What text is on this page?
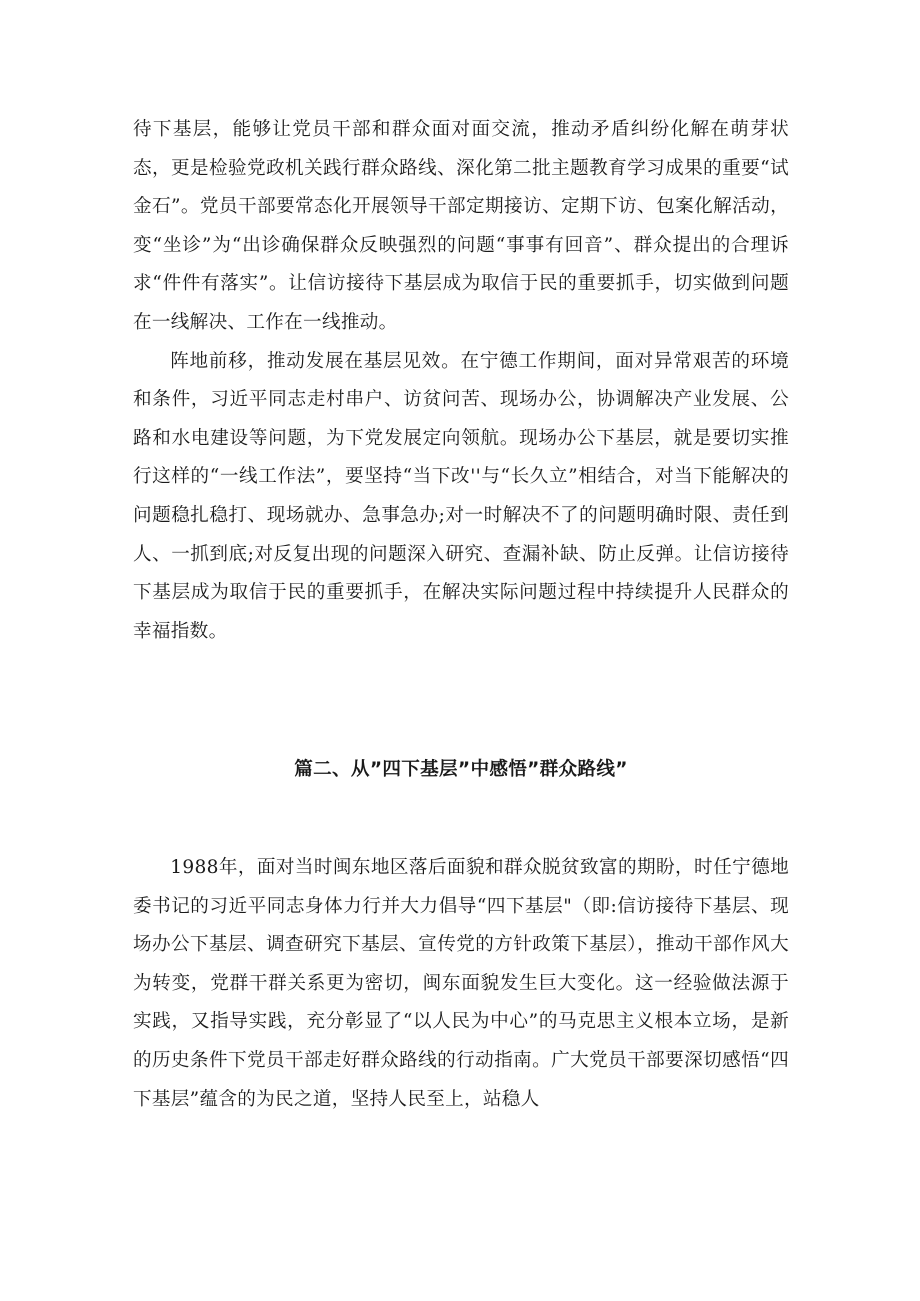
待下基层，能够让党员干部和群众面对面交流，推动矛盾纠纷化解在萌芽状态，更是检验党政机关践行群众路线、深化第二批主题教育学习成果的重要“试金石”。党员干部要常态化开展领导干部定期接访、定期下访、包案化解活动，变“坐诊”为“出诊确保群众反映强烈的问题“事事有回音”、群众提出的合理诉求“件件有落实”。让信访接待下基层成为取信于民的重要抓手，切实做到问题在一线解决、工作在一线推动。

阵地前移，推动发展在基层见效。在宁德工作期间，面对异常艰苦的环境和条件，习近平同志走村串户、访贫问苦、现场办公，协调解决产业发展、公路和水电建设等问题，为下党发展定向领航。现场办公下基层，就是要切实推行这样的“一线工作法”，要坚持“当下改''与“长久立”相结合，对当下能解决的问题稳扎稳打、现场就办、急事急办;对一时解决不了的问题明确时限、责任到人、一抓到底;对反复出现的问题深入研究、查漏补缺、防止反弹。让信访接待下基层成为取信于民的重要抓手，在解决实际问题过程中持续提升人民群众的幸福指数。

篇二、从”四下基层”中感悟”群众路线”

1988年，面对当时闽东地区落后面貌和群众脱贫致富的期盼，时任宁德地委书记的习近平同志身体力行并大力倡导“四下基层"（即:信访接待下基层、现场办公下基层、调查研究下基层、宣传党的方针政策下基层），推动干部作风大为转变，党群干群关系更为密切，闽东面貌发生巨大变化。这一经验做法源于实践，又指导实践，充分彰显了“以人民为中心”的马克思主义根本立场，是新的历史条件下党员干部走好群众路线的行动指南。广大党员干部要深切感悟“四下基层”蕴含的为民之道，坚持人民至上，站稳人
